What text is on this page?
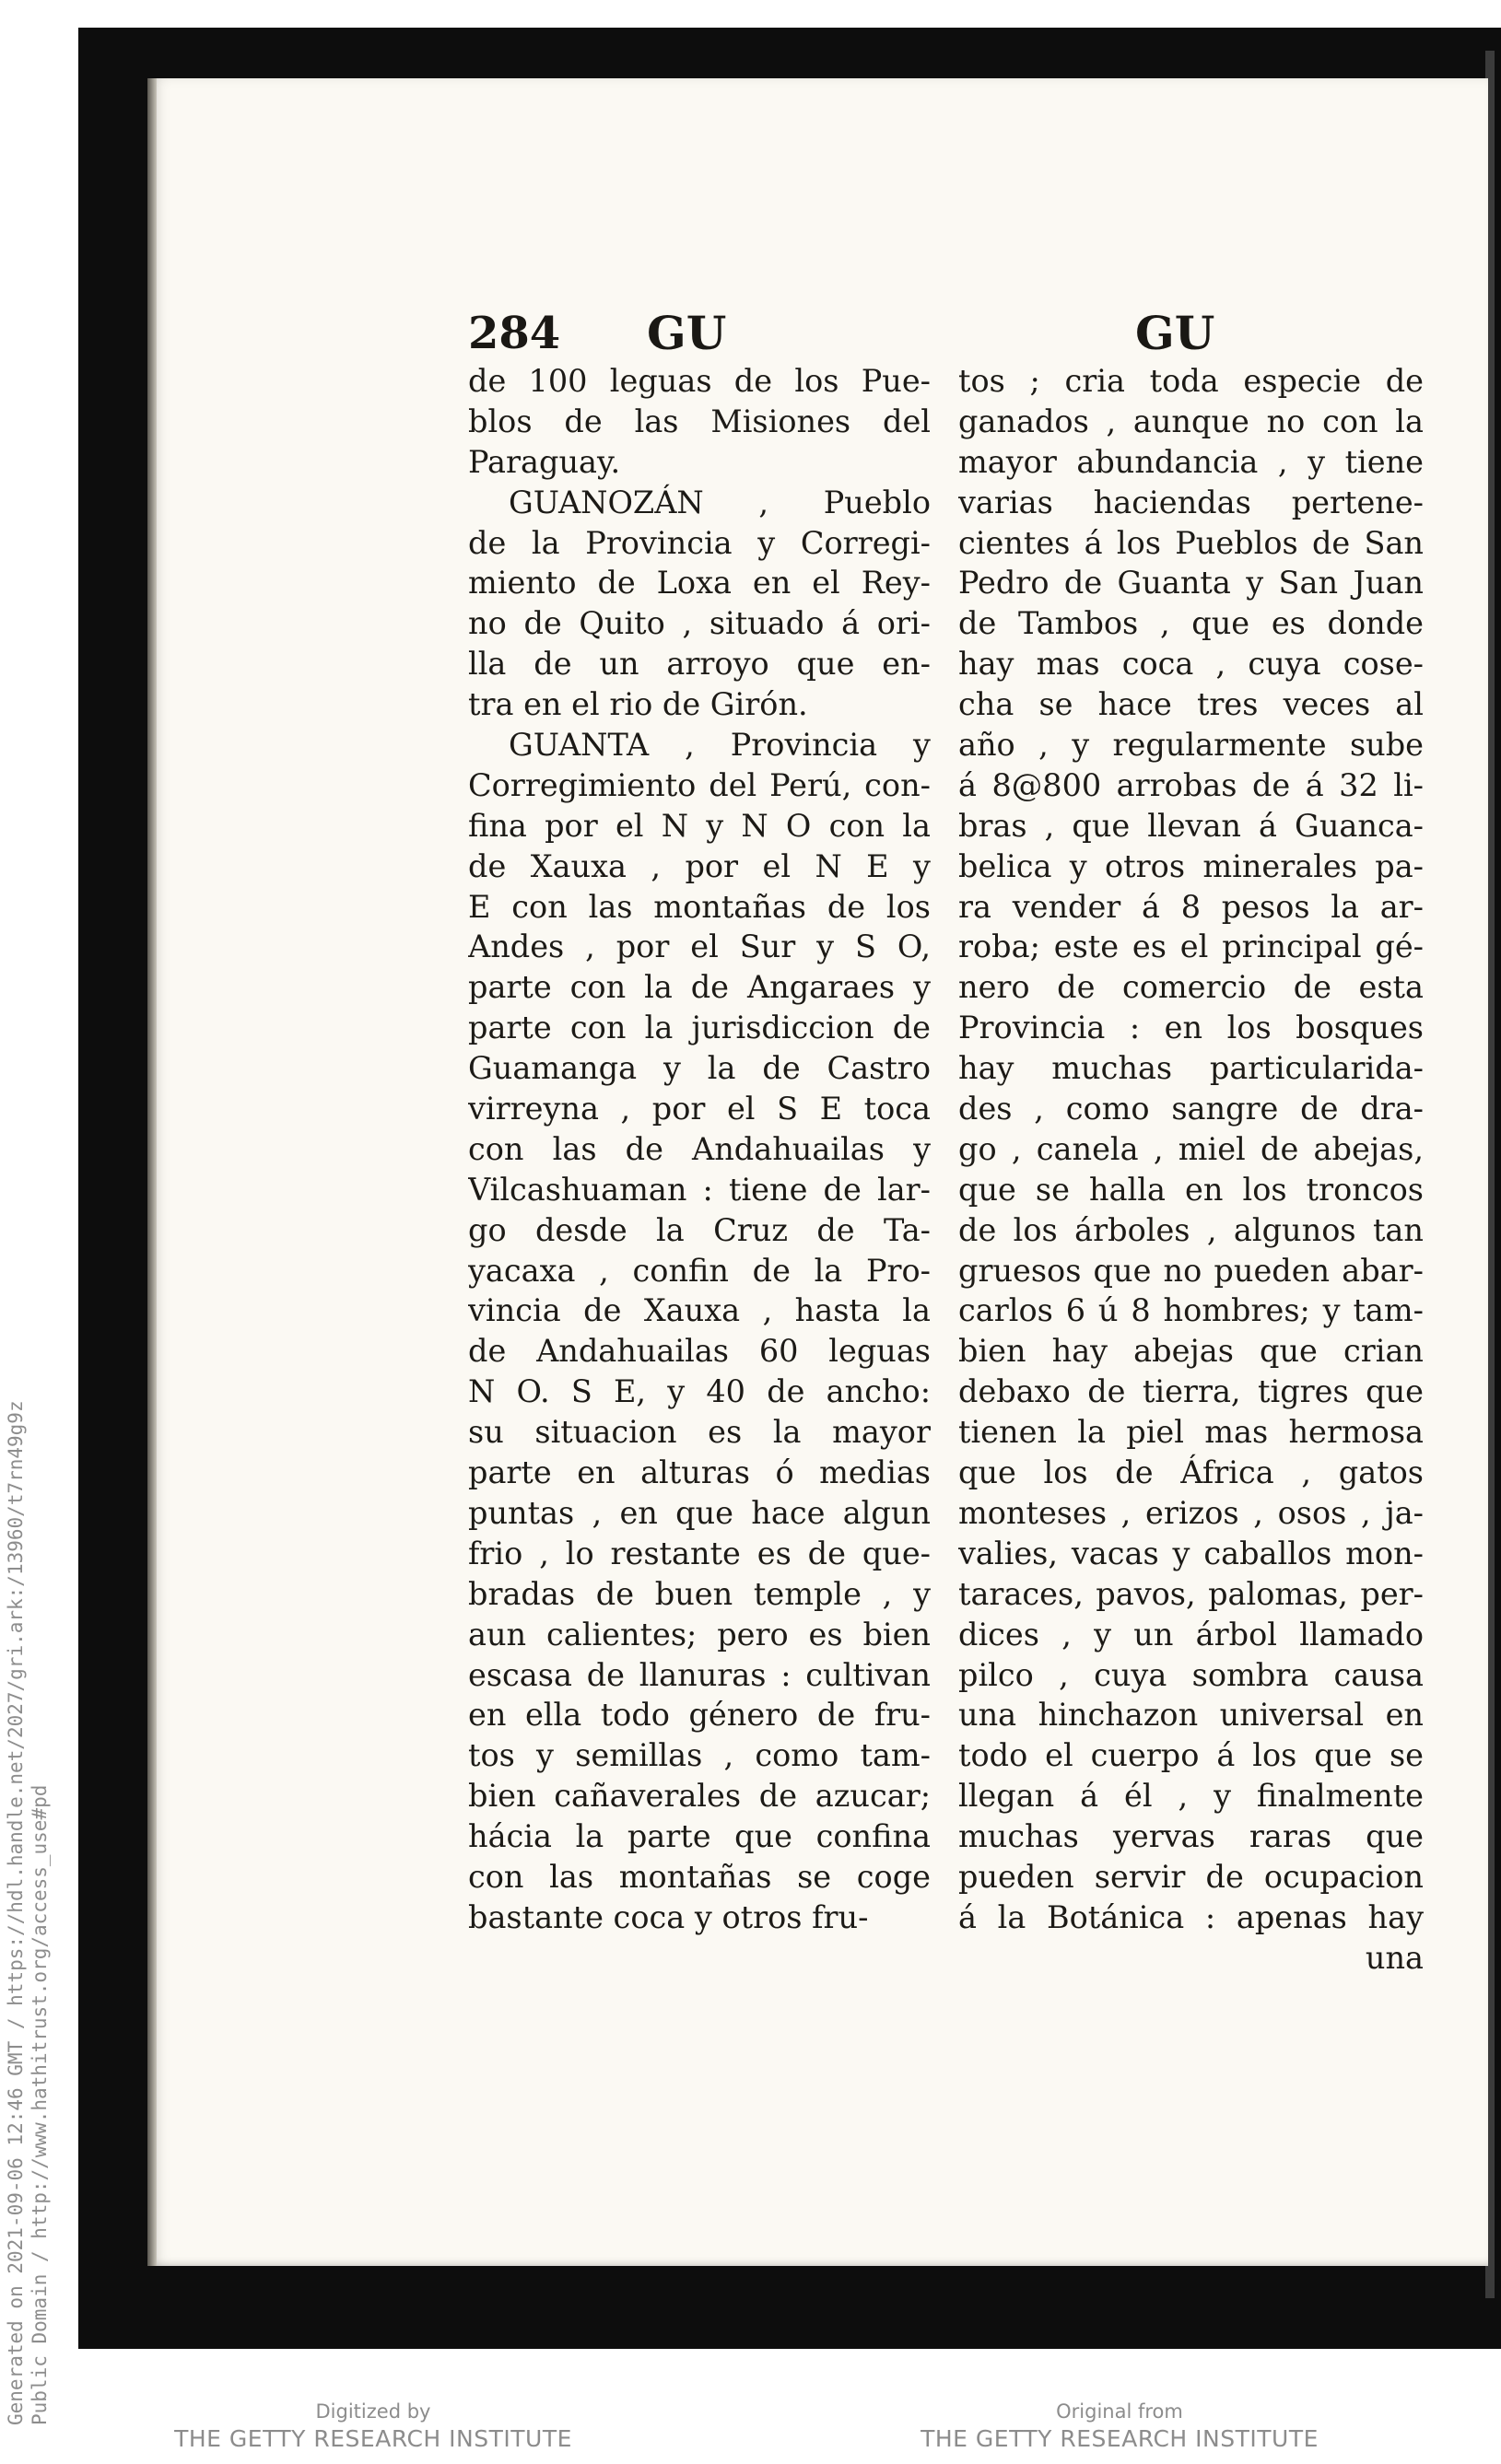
284 GU	GU

de 100 leguas de los Pue-

blos de las Misiones del

Paraguay.

GUANOZÁN , Pueblo

de la Provincia y Corregi-

miento de Loxa en el Rey-

no de Quito , situado á ori-

lla de un arroyo que en-

tra en el rio de Girón.

GUANTA , Provincia y

Corregimiento del Perú, con-

fina por el N y N O con la

de Xauxa , por el N E y

E con las montañas de los

Andes , por el Sur y S O,

parte con la de Angaraes y

parte con la jurisdiccion de

Guamanga y la de Castro

virreyna , por el S E toca

con las de Andahuailas y

Vilcashuaman : tiene de lar-

go desde la Cruz de Ta-

yacaxa , confin de la Pro-

vincia de Xauxa , hasta la

de Andahuailas 60 leguas

N O. S E, y 40 de ancho:

su situacion es la mayor

parte en alturas ó medias

puntas , en que hace algun

frio , lo restante es de que-

bradas de buen temple , y

aun calientes; pero es bien

escasa de llanuras : cultivan

en ella todo género de fru-

tos y semillas , como tam-

bien cañaverales de azucar;

hácia la parte que confina

con las montañas se coge

bastante coca y otros fru-

tos ; cria toda especie de

ganados , aunque no con la

mayor abundancia , y tiene

varias haciendas pertene-

cientes á los Pueblos de San

Pedro de Guanta y San Juan

de Tambos , que es donde

hay mas coca , cuya cose-

cha se hace tres veces al

año , y regularmente sube

á 8@800 arrobas de á 32 li-

bras , que llevan á Guanca-

belica y otros minerales pa-

ra vender á 8 pesos la ar-

roba; este es el principal gé-

nero de comercio de esta

Provincia : en los bosques

hay muchas particularida-

des , como sangre de dra-

go , canela , miel de abejas,

que se halla en los troncos

de los árboles , algunos tan

gruesos que no pueden abar-

carlos 6 ú 8 hombres; y tam-

bien hay abejas que crian

debaxo de tierra, tigres que

tienen la piel mas hermosa

que los de África , gatos

monteses , erizos , osos , ja-

valies, vacas y caballos mon-

taraces, pavos, palomas, per-

dices , y un árbol llamado

pilco , cuya sombra causa

una hinchazon universal en

todo el cuerpo á los que se

llegan á él , y finalmente

muchas yervas raras que

pueden servir de ocupacion

á la Botánica : apenas hay

una

Generated on 2021-09-06 12:46 GMT / https://hdl.handle.net/2027/gri.ark:/13960/t7rn49g9z Public Domain / http://www.hathitrust.org/access_use#pd	Digitized by
THE GETTY RESEARCH INSTITUTE
Original from
THE GETTY RESEARCH INSTITUTE
